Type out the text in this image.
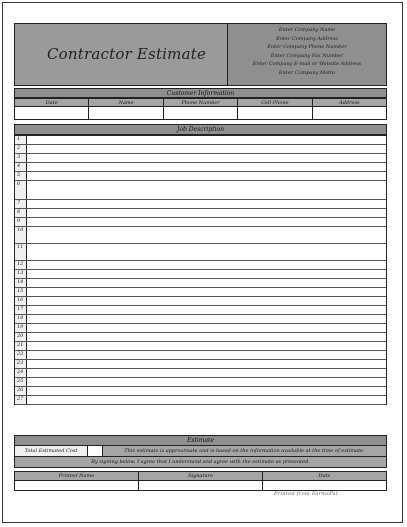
Contractor Estimate
Enter Company Name
Enter Company Address
Enter Company Phone Number
Enter Company Fax Number
Enter Company E-mail or Website Address
Enter Company Motto
Customer Information
Date	Name	Phone Number	Cell Phone	Address
Job Description
1
2
3
4
5
6
7
8
9
10
11
12
13
14
15
16
17
18
19
20
21
22
23
24
25
26
27
Estimate
Total Estimated Cost	This estimate is approximate and is based on the information available at the time of estimate.
By signing below, I agree that I understand and agree with the estimate as presented.
Printed Name	Signature	Date
Printed from FormsPal
